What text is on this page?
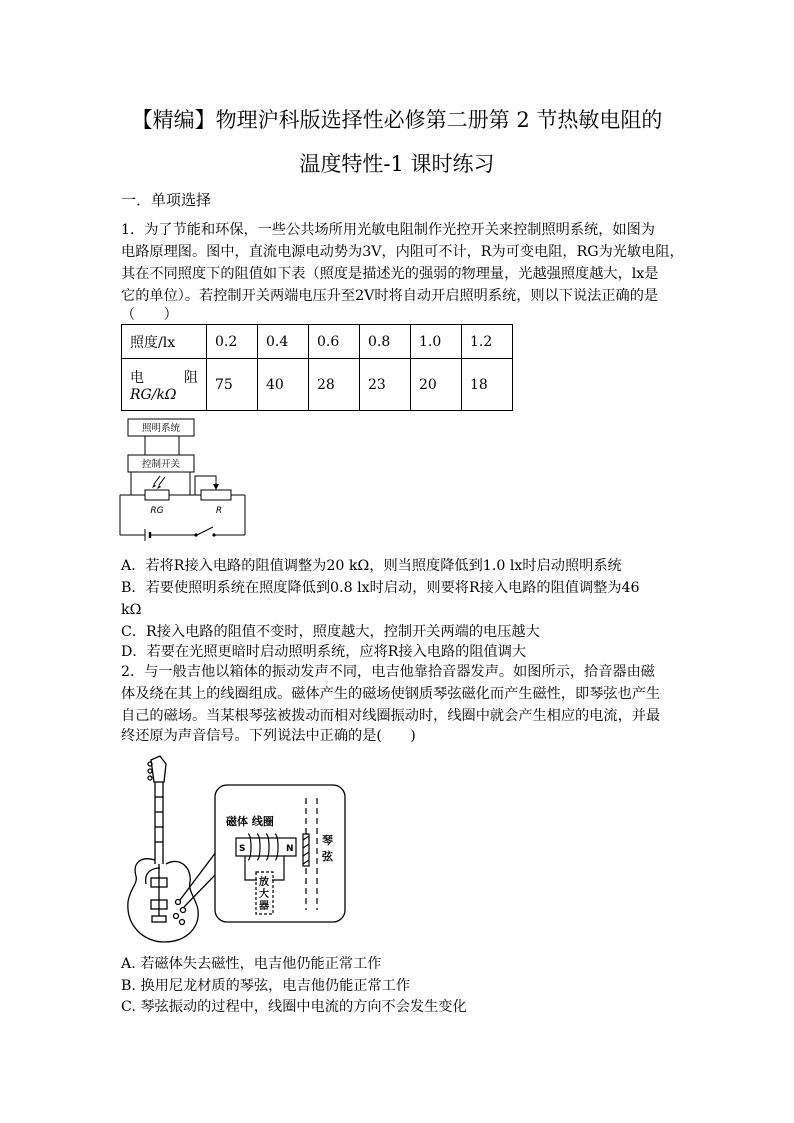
【精编】物理沪科版选择性必修第二册第 2 节热敏电阻的
温度特性-1 课时练习
一．单项选择
1．为了节能和环保，一些公共场所用光敏电阻制作光控开关来控制照明系统，如图为
电路原理图。图中，直流电源电动势为3V，内阻可不计，R为可变电阻，RG为光敏电阻，
其在不同照度下的阻值如下表（照度是描述光的强弱的物理量，光越强照度越大，lx是
它的单位）。若控制开关两端电压升至2V时将自动开启照明系统，则以下说法正确的是
（　　）
照度/lx	0.2	0.4	0.6	0.8	1.0	1.2

电 阻
RG/kΩ	75	40	28	23	20	18
照明系统
控制开关
RG	R
A．若将R接入电路的阻值调整为20 kΩ，则当照度降低到1.0 lx时启动照明系统
B．若要使照明系统在照度降低到0.8 lx时启动，则要将R接入电路的阻值调整为46
kΩ
C．R接入电路的阻值不变时，照度越大，控制开关两端的电压越大
D．若要在光照更暗时启动照明系统，应将R接入电路的阻值调大
2．与一般吉他以箱体的振动发声不同，电吉他靠拾音器发声。如图所示，拾音器由磁
体及绕在其上的线圈组成。磁体产生的磁场使钢质琴弦磁化而产生磁性，即琴弦也产生
自己的磁场。当某根琴弦被拨动而相对线圈振动时，线圈中就会产生相应的电流，并最
终还原为声音信号。下列说法中正确的是(　　)
磁体 线圈
S	N
琴
弦
放
大
器
A. 若磁体失去磁性，电吉他仍能正常工作
B. 换用尼龙材质的琴弦，电吉他仍能正常工作
C. 琴弦振动的过程中，线圈中电流的方向不会发生变化
